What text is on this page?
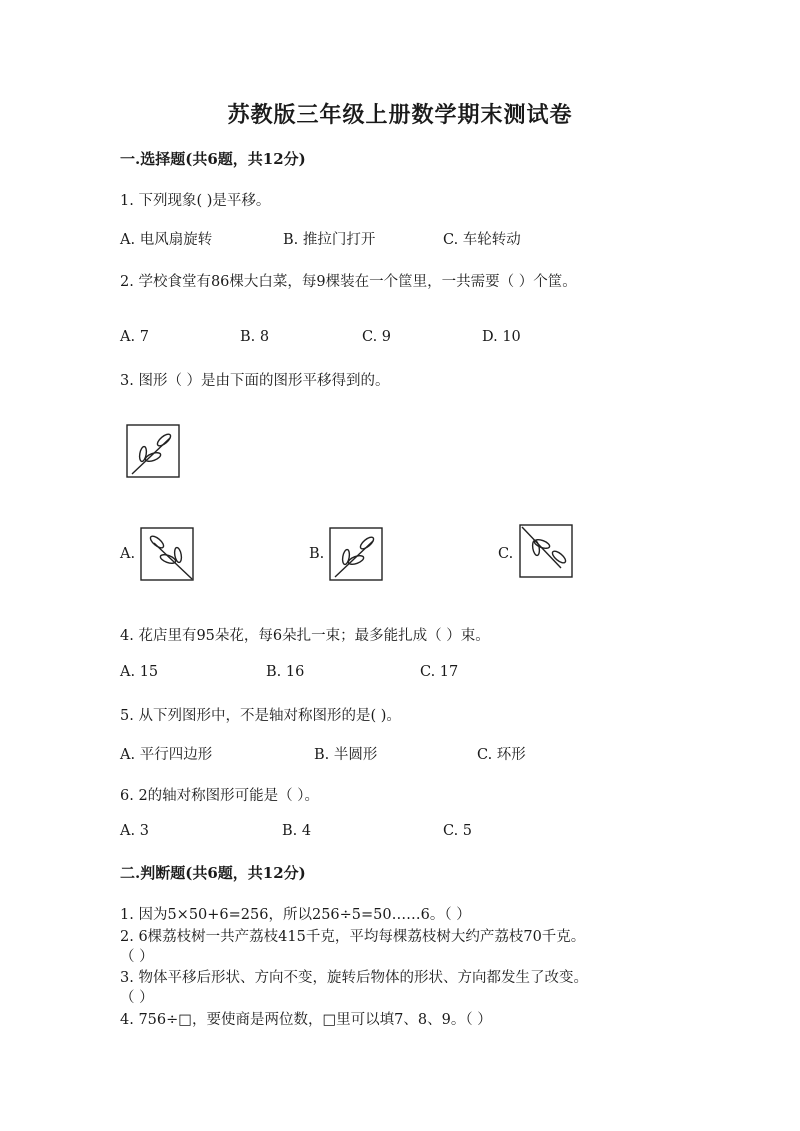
苏教版三年级上册数学期末测试卷
一.选择题(共6题，共12分)
1. 下列现象( )是平移。
A. 电风扇旋转	B. 推拉门打开	C. 车轮转动
2. 学校食堂有86棵大白菜，每9棵装在一个筐里，一共需要（ ）个筐。
A. 7	B. 8	C. 9	D. 10
3. 图形（ ）是由下面的图形平移得到的。
A.	B.	C.
4. 花店里有95朵花，每6朵扎一束；最多能扎成（ ）束。
A. 15	B. 16	C. 17
5. 从下列图形中，不是轴对称图形的是( )。
A. 平行四边形	B. 半圆形	C. 环形
6. 2的轴对称图形可能是（ ）。
A. 3	B. 4	C. 5
二.判断题(共6题，共12分)
1. 因为5×50+6=256，所以256÷5=50……6。（ ）
2. 6棵荔枝树一共产荔枝415千克，平均每棵荔枝树大约产荔枝70千克。
（ ）
3. 物体平移后形状、方向不变，旋转后物体的形状、方向都发生了改变。
（ ）
4. 756÷□，要使商是两位数，□里可以填7、8、9。（ ）
